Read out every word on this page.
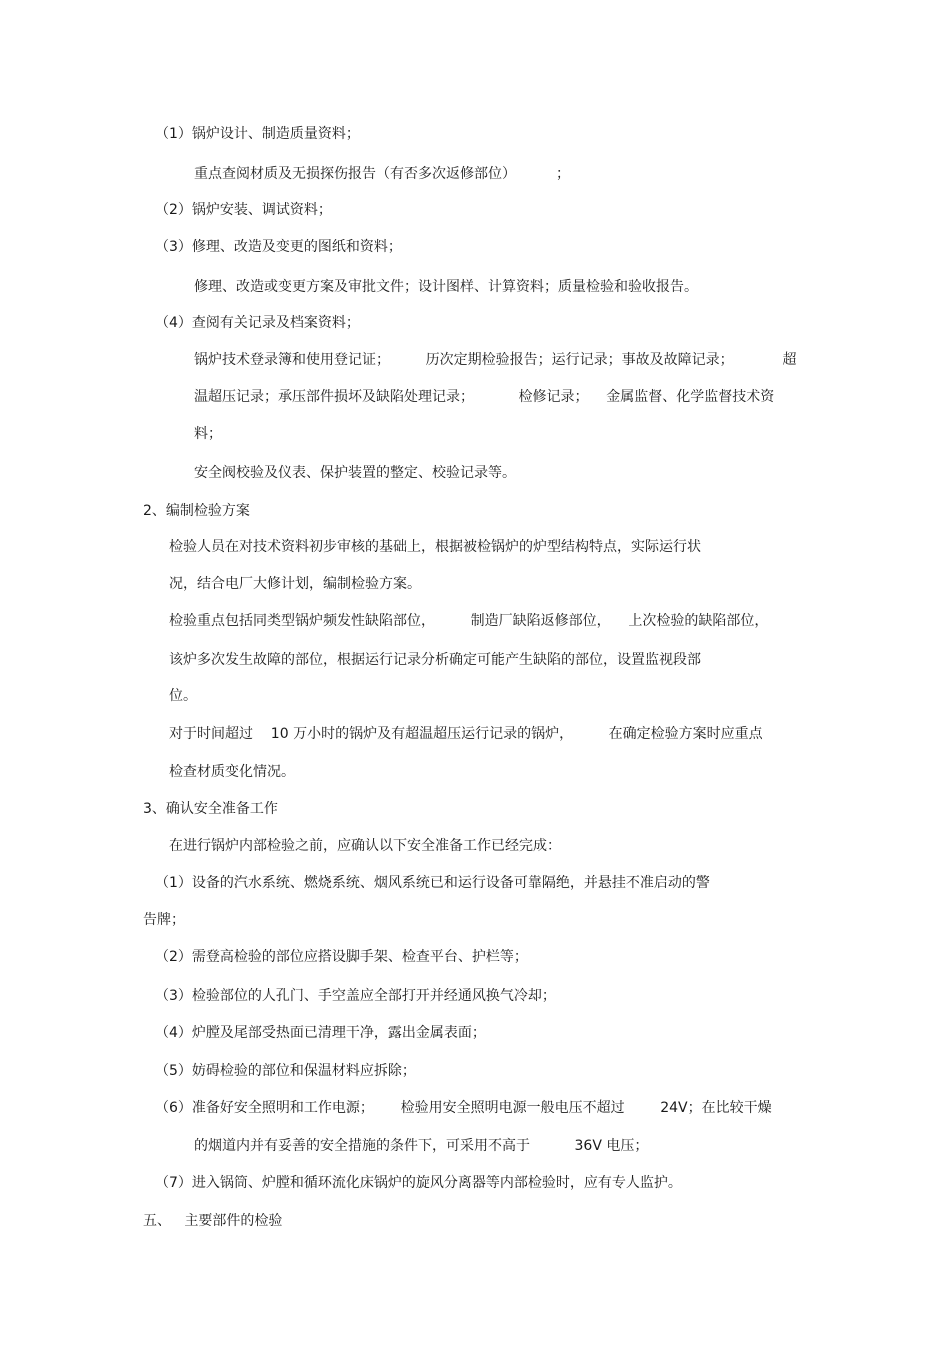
（1）锅炉设计、制造质量资料；
重点查阅材质及无损探伤报告（有否多次返修部位）         ；
（2）锅炉安装、调试资料；
（3）修理、改造及变更的图纸和资料；
修理、改造或变更方案及审批文件；设计图样、计算资料；质量检验和验收报告。
（4）查阅有关记录及档案资料；
锅炉技术登录簿和使用登记证；        历次定期检验报告；运行记录；事故及故障记录；           超
温超压记录；承压部件损坏及缺陷处理记录；          检修记录；    金属监督、化学监督技术资
料；
安全阀校验及仪表、保护装置的整定、校验记录等。
2、编制检验方案
检验人员在对技术资料初步审核的基础上，根据被检锅炉的炉型结构特点，实际运行状
况，结合电厂大修计划，编制检验方案。
检验重点包括同类型锅炉频发性缺陷部位，        制造厂缺陷返修部位，    上次检验的缺陷部位，
该炉多次发生故障的部位，根据运行记录分析确定可能产生缺陷的部位，设置监视段部
位。
对于时间超过    10 万小时的锅炉及有超温超压运行记录的锅炉，        在确定检验方案时应重点
检查材质变化情况。
3、确认安全准备工作
在进行锅炉内部检验之前，应确认以下安全准备工作已经完成：
（1）设备的汽水系统、燃烧系统、烟风系统已和运行设备可靠隔绝，并悬挂不准启动的警
告牌；
（2）需登高检验的部位应搭设脚手架、检查平台、护栏等；
（3）检验部位的人孔门、手空盖应全部打开并经通风换气冷却；
（4）炉膛及尾部受热面已清理干净，露出金属表面；
（5）妨碍检验的部位和保温材料应拆除；
（6）准备好安全照明和工作电源；      检验用安全照明电源一般电压不超过        24V；在比较干燥
的烟道内并有妥善的安全措施的条件下，可采用不高于          36V 电压；
（7）进入锅筒、炉膛和循环流化床锅炉的旋风分离器等内部检验时，应有专人监护。
五、   主要部件的检验
